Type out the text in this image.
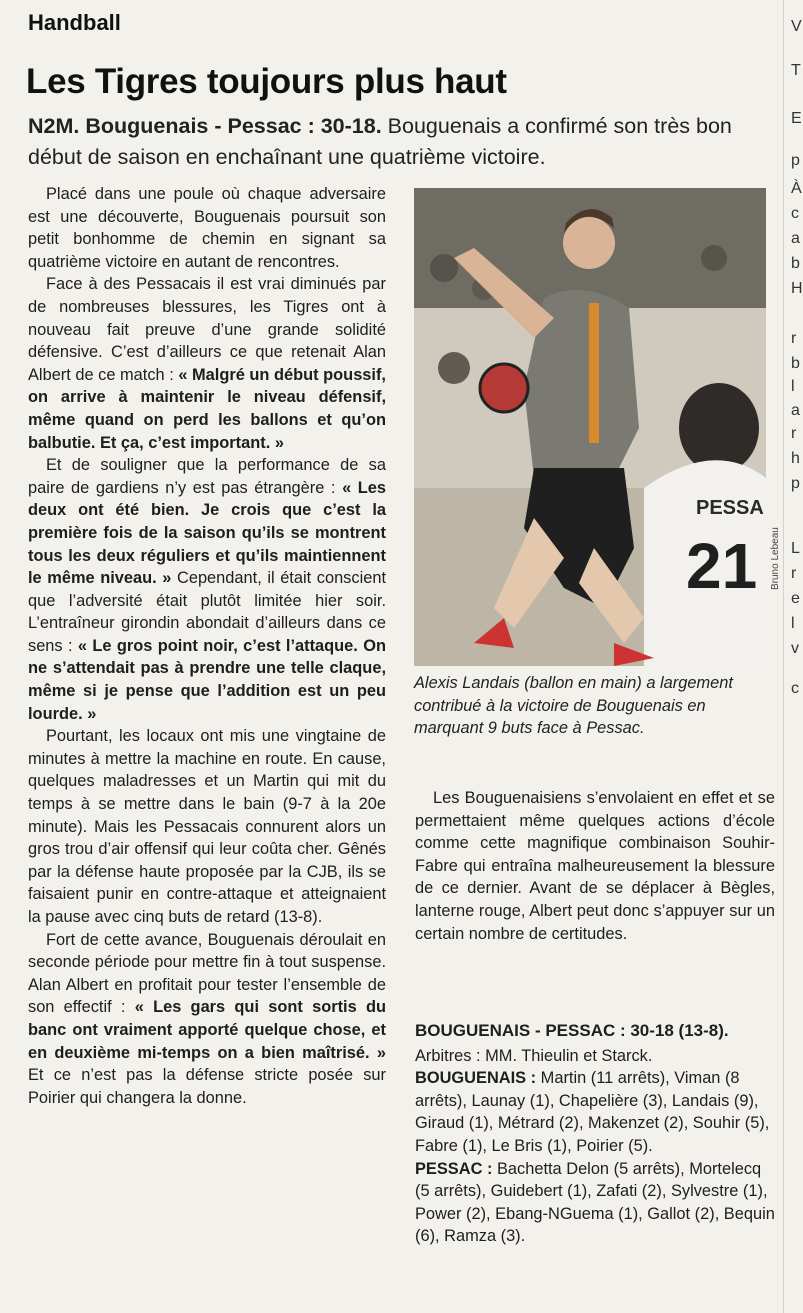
Handball
Les Tigres toujours plus haut
N2M. Bouguenais - Pessac : 30-18. Bouguenais a confirmé son très bon début de saison en enchaînant une quatrième victoire.

Placé dans une poule où chaque adversaire est une découverte, Bouguenais poursuit son petit bonhomme de chemin en signant sa quatrième victoire en autant de rencontres.

Face à des Pessacais il est vrai diminués par de nombreuses blessures, les Tigres ont à nouveau fait preuve d’une grande solidité défensive. C’est d’ailleurs ce que retenait Alan Albert de ce match : « Malgré un début poussif, on arrive à maintenir le niveau défensif, même quand on perd les ballons et qu’on balbutie. Et ça, c’est important. »

Et de souligner que la performance de sa paire de gardiens n’y est pas étrangère : « Les deux ont été bien. Je crois que c’est la première fois de la saison qu’ils se montrent tous les deux réguliers et qu’ils maintiennent le même niveau. » Cependant, il était conscient que l’adversité était plutôt limitée hier soir. L’entraîneur girondin abondait d’ailleurs dans ce sens : « Le gros point noir, c’est l’attaque. On ne s’attendait pas à prendre une telle claque, même si je pense que l’addition est un peu lourde. »

Pourtant, les locaux ont mis une vingtaine de minutes à mettre la machine en route. En cause, quelques maladresses et un Martin qui mit du temps à se mettre dans le bain (9-7 à la 20e minute). Mais les Pessacais connurent alors un gros trou d’air offensif qui leur coûta cher. Gênés par la défense haute proposée par la CJB, ils se faisaient punir en contre-attaque et atteignaient la pause avec cinq buts de retard (13-8).

Fort de cette avance, Bouguenais déroulait en seconde période pour mettre fin à tout suspense. Alan Albert en profitait pour tester l’ensemble de son effectif : « Les gars qui sont sortis du banc ont vraiment apporté quelque chose, et en deuxième mi-temps on a bien maîtrisé. » Et ce n’est pas la défense stricte posée sur Poirier qui changera la donne.

PESSA
21 Bruno Lebeau
Alexis Landais (ballon en main) a largement contribué à la victoire de Bouguenais en marquant 9 buts face à Pessac.

Les Bouguenaisiens s’envolaient en effet et se permettaient même quelques actions d’école comme cette magnifique combinaison Souhir-Fabre qui entraîna malheureusement la blessure de ce dernier. Avant de se déplacer à Bègles, lanterne rouge, Albert peut donc s’appuyer sur un certain nombre de certitudes.

BOUGUENAIS - PESSAC : 30-18 (13-8).
Arbitres : MM. Thieulin et Starck.
BOUGUENAIS : Martin (11 arrêts), Viman (8 arrêts), Launay (1), Chapelière (3), Landais (9), Giraud (1), Métrard (2), Makenzet (2), Souhir (5), Fabre (1), Le Bris (1), Poirier (5).
PESSAC : Bachetta Delon (5 arrêts), Mortelecq (5 arrêts), Guidebert (1), Zafati (2), Sylvestre (1), Power (2), Ebang-NGuema (1), Gallot (2), Bequin (6), Ramza (3).
V
T
E
p
À
c
a
b
H
r
b
l
a
r
h
p
L
r
e
l
v
c
